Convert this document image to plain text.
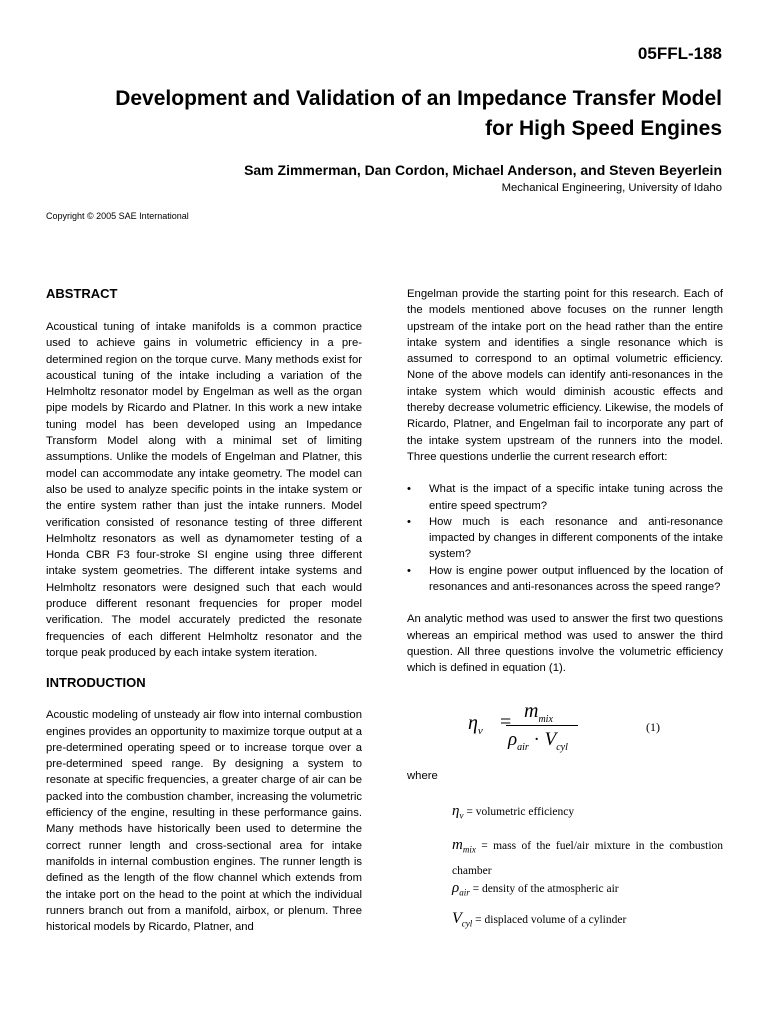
05FFL-188
Development and Validation of an Impedance Transfer Model
for High Speed Engines
Sam Zimmerman, Dan Cordon, Michael Anderson, and Steven Beyerlein
Mechanical Engineering, University of Idaho
Copyright © 2005 SAE International
ABSTRACT

Acoustical tuning of intake manifolds is a common practice used to achieve gains in volumetric efficiency in a pre-determined region on the torque curve. Many methods exist for acoustical tuning of the intake including a variation of the Helmholtz resonator model by Engelman as well as the organ pipe models by Ricardo and Platner. In this work a new intake tuning model has been developed using an Impedance Transform Model along with a minimal set of limiting assumptions. Unlike the models of Engelman and Platner, this model can accommodate any intake geometry. The model can also be used to analyze specific points in the intake system or the entire system rather than just the intake runners. Model verification consisted of resonance testing of three different Helmholtz resonators as well as dynamometer testing of a Honda CBR F3 four-stroke SI engine using three different intake system geometries. The different intake systems and Helmholtz resonators were designed such that each would produce different resonant frequencies for proper model verification. The model accurately predicted the resonate frequencies of each different Helmholtz resonator and the torque peak produced by each intake system iteration.

INTRODUCTION

Acoustic modeling of unsteady air flow into internal combustion engines provides an opportunity to maximize torque output at a pre-determined operating speed or to increase torque over a pre-determined speed range. By designing a system to resonate at specific frequencies, a greater charge of air can be packed into the combustion chamber, increasing the volumetric efficiency of the engine, resulting in these performance gains. Many methods have historically been used to determine the correct runner length and cross-sectional area for intake manifolds in internal combustion engines. The runner length is defined as the length of the flow channel which extends from the intake port on the head to the point at which the individual runners branch out from a manifold, airbox, or plenum. Three historical models by Ricardo, Platner, and

Engelman provide the starting point for this research. Each of the models mentioned above focuses on the runner length upstream of the intake port on the head rather than the entire intake system and identifies a single resonance which is assumed to correspond to an optimal volumetric efficiency. None of the above models can identify anti-resonances in the intake system which would diminish acoustic effects and thereby decrease volumetric efficiency. Likewise, the models of Ricardo, Platner, and Engelman fail to incorporate any part of the intake system upstream of the runners into the model. Three questions underlie the current research effort:

• What is the impact of a specific intake tuning across the entire speed spectrum?
• How much is each resonance and anti-resonance impacted by changes in different components of the intake system?
• How is engine power output influenced by the location of resonances and anti-resonances across the speed range?

An analytic method was used to answer the first two questions whereas an empirical method was used to answer the third question. All three questions involve the volumetric efficiency which is defined in equation (1).

$\eta_v = m_{mix}$
$\rho_{air} \cdot V_{cyl}$
(1)
where
$\eta_v$ = volumetric efficiency
$m_{mix}$ = mass of the fuel/air mixture in the combustion chamber
$\rho_{air}$ = density of the atmospheric air
$V_{cyl}$ = displaced volume of a cylinder
